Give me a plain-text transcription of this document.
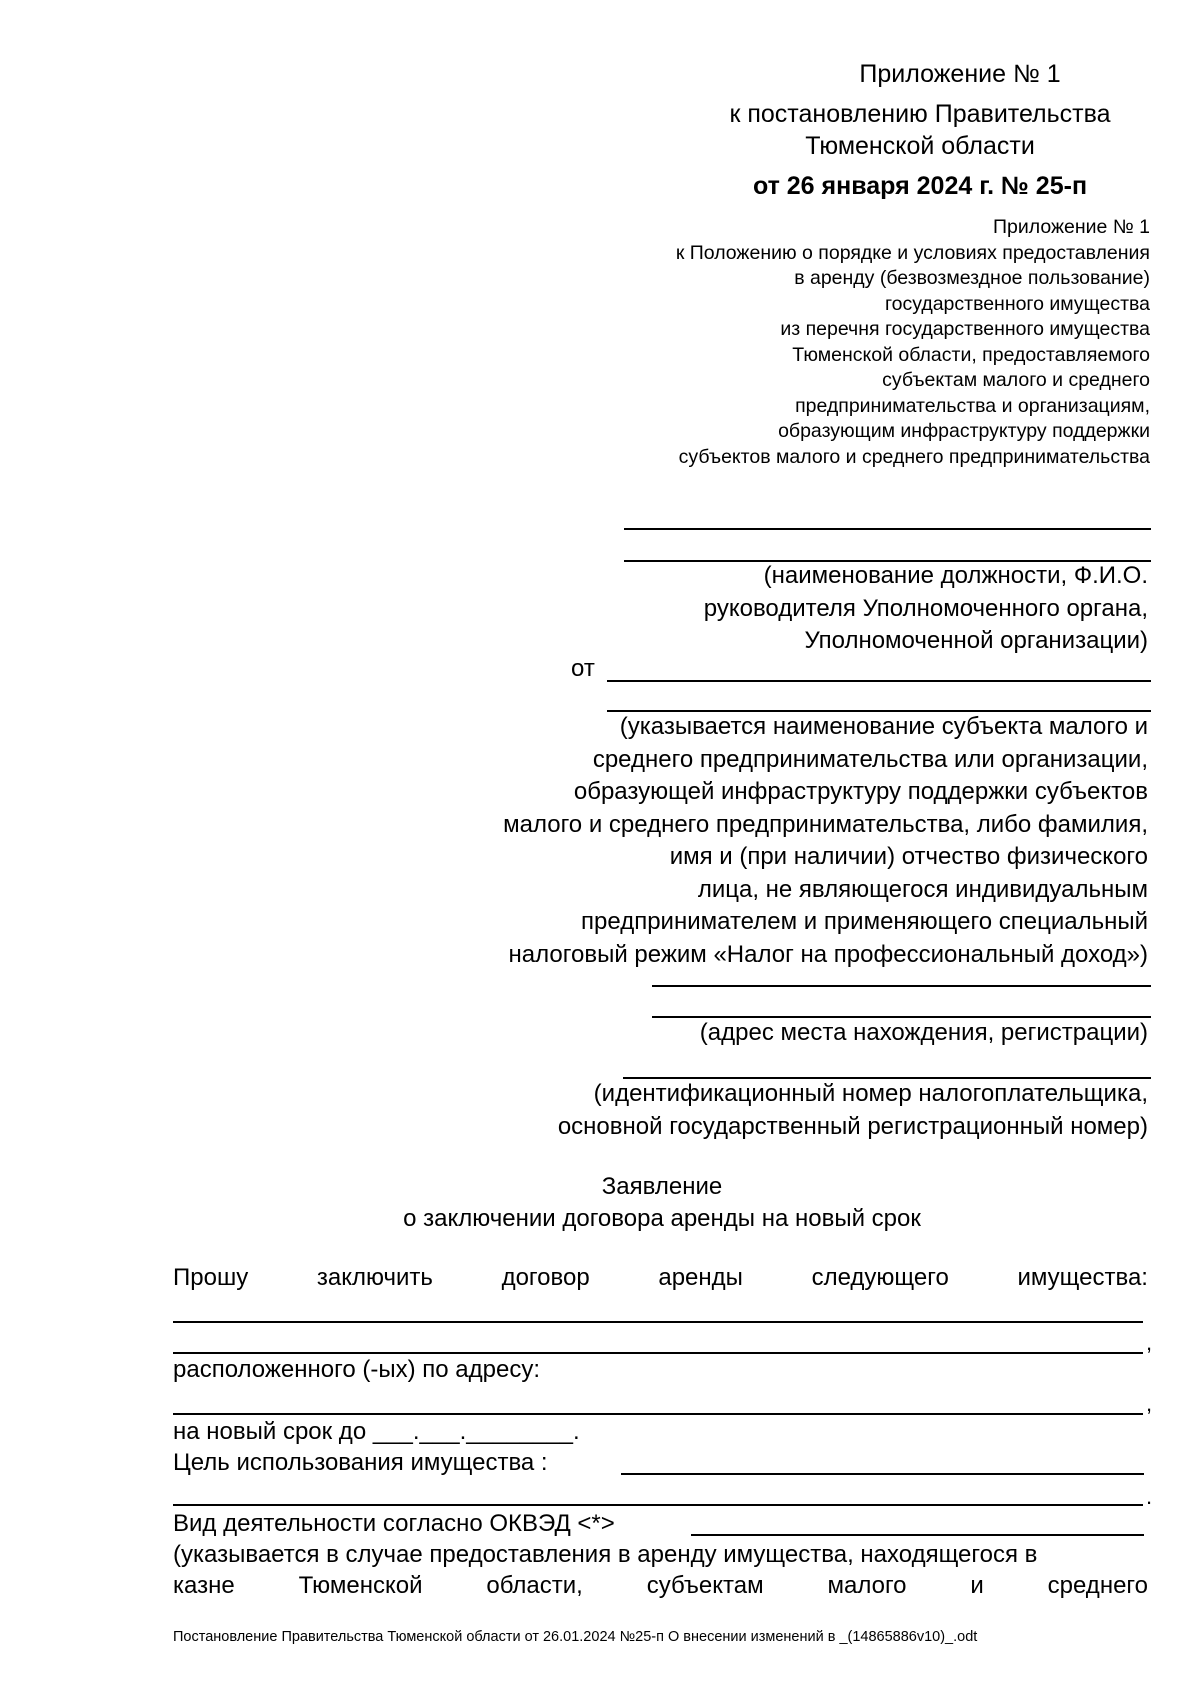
Приложение № 1
к постановлению Правительства
Тюменской области
от 26 января 2024 г. № 25-п
Приложение № 1
к Положению о порядке и условиях предоставления
в аренду (безвозмездное пользование)
государственного имущества
из перечня государственного имущества
Тюменской области, предоставляемого
субъектам малого и среднего
предпринимательства и организациям,
образующим инфраструктуру поддержки
субъектов малого и среднего предпринимательства
(наименование должности, Ф.И.О.
руководителя Уполномоченного органа,
Уполномоченной организации)
от
(указывается наименование субъекта малого и
среднего предпринимательства или организации,
образующей инфраструктуру поддержки субъектов
малого и среднего предпринимательства, либо фамилия,
имя и (при наличии) отчество физического
лица, не являющегося индивидуальным
предпринимателем и применяющего специальный
налоговый режим «Налог на профессиональный доход»)
(адрес места нахождения, регистрации)
(идентификационный номер налогоплательщика,
основной государственный регистрационный номер)
Заявление
о заключении договора аренды на новый срок
Прошу	заключить	договор	аренды	следующего	имущества:
,
расположенного (-ых) по адресу:
,
на новый срок до ___.___.________.
Цель использования имущества :
.
Вид деятельности согласно ОКВЭД <*>
(указывается в случае предоставления в аренду имущества, находящегося в
казне	Тюменской	области,	субъектам	малого	и	среднего
Постановление Правительства Тюменской области от 26.01.2024 №25-п О внесении изменений в _(14865886v10)_.odt
